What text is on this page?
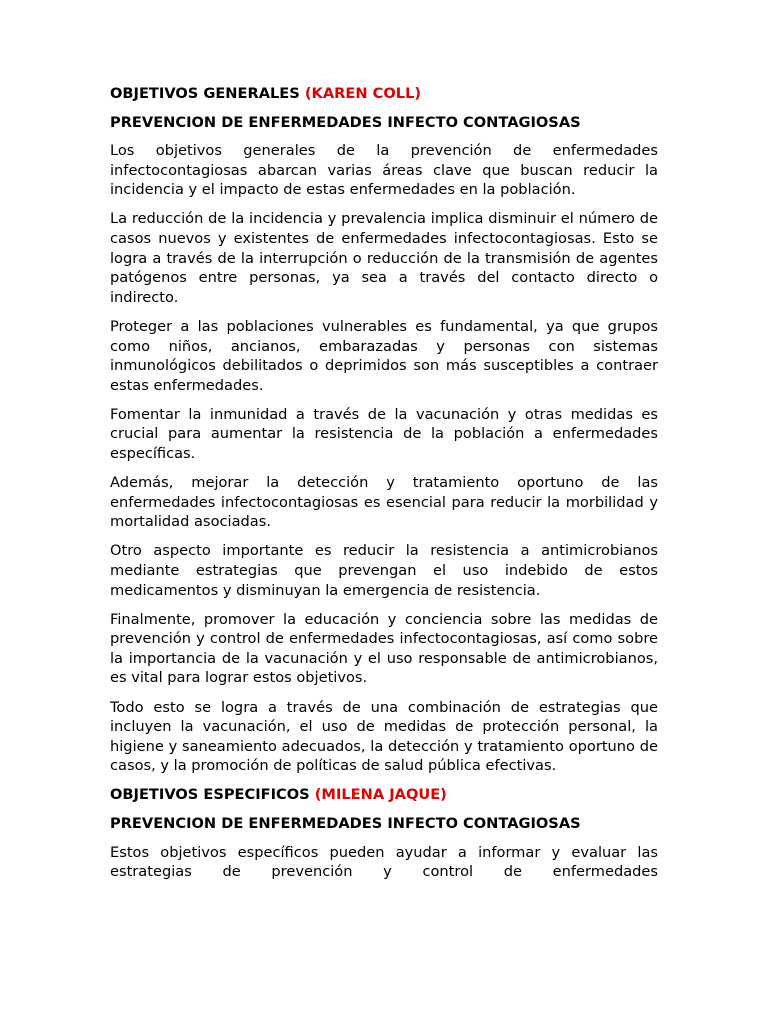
OBJETIVOS GENERALES (KAREN COLL)
PREVENCION DE ENFERMEDADES INFECTO CONTAGIOSAS

Los objetivos generales de la prevención de enfermedades infectocontagiosas abarcan varias áreas clave que buscan reducir la incidencia y el impacto de estas enfermedades en la población.

La reducción de la incidencia y prevalencia implica disminuir el número de casos nuevos y existentes de enfermedades infectocontagiosas. Esto se logra a través de la interrupción o reducción de la transmisión de agentes patógenos entre personas, ya sea a través del contacto directo o indirecto.

Proteger a las poblaciones vulnerables es fundamental, ya que grupos como niños, ancianos, embarazadas y personas con sistemas inmunológicos debilitados o deprimidos son más susceptibles a contraer estas enfermedades.

Fomentar la inmunidad a través de la vacunación y otras medidas es crucial para aumentar la resistencia de la población a enfermedades específicas.

Además, mejorar la detección y tratamiento oportuno de las enfermedades infectocontagiosas es esencial para reducir la morbilidad y mortalidad asociadas.

Otro aspecto importante es reducir la resistencia a antimicrobianos mediante estrategias que prevengan el uso indebido de estos medicamentos y disminuyan la emergencia de resistencia.

Finalmente, promover la educación y conciencia sobre las medidas de prevención y control de enfermedades infectocontagiosas, así como sobre la importancia de la vacunación y el uso responsable de antimicrobianos, es vital para lograr estos objetivos.

Todo esto se logra a través de una combinación de estrategias que incluyen la vacunación, el uso de medidas de protección personal, la higiene y saneamiento adecuados, la detección y tratamiento oportuno de casos, y la promoción de políticas de salud pública efectivas.

OBJETIVOS ESPECIFICOS (MILENA JAQUE)
PREVENCION DE ENFERMEDADES INFECTO CONTAGIOSAS

Estos objetivos específicos pueden ayudar a informar y evaluar las estrategias de prevención y control de enfermedades
